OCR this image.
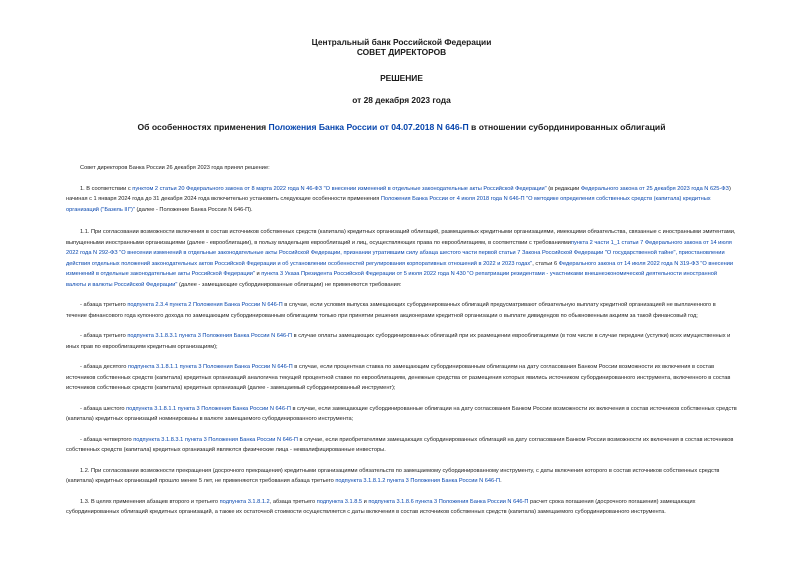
Центральный банк Российской Федерации
СОВЕТ ДИРЕКТОРОВ
РЕШЕНИЕ
от 28 декабря 2023 года
Об особенностях применения Положения Банка России от 04.07.2018 N 646-П в отношении субординированных облигаций

Совет директоров Банка России 26 декабря 2023 года принял решение:

1. В соответствии с пунктом 2 статьи 20 Федерального закона от 8 марта 2022 года N 46-ФЗ "О внесении изменений в отдельные законодательные акты Российской Федерации" (в редакции Федерального закона от 25 декабря 2023 года N 625-ФЗ) начиная с 1 января 2024 года до 31 декабря 2024 года включительно установить следующие особенности применения Положения Банка России от 4 июля 2018 года N 646-П "О методике определения собственных средств (капитала) кредитных организаций ("Базель III")" (далее - Положение Банка России N 646-П).

1.1. При согласовании возможности включения в состав источников собственных средств (капитала) кредитных организаций облигаций, размещаемых кредитными организациями, имеющими обязательства, связанные с иностранными эмитентами, выпущенными иностранными организациями (далее - еврооблигации), в пользу владельцев еврооблигаций и лиц, осуществляющих права по еврооблигациям, в соответствии с требованиямипункта 2 части 1_1 статьи 7 Федерального закона от 14 июля 2022 года N 292-ФЗ "О внесении изменений в отдельные законодательные акты Российской Федерации, признании утратившим силу абзаца шестого части первой статьи 7 Закона Российской Федерации "О государственной тайне", приостановлении действия отдельных положений законодательных актов Российской Федерации и об установлении особенностей регулирования корпоративных отношений в 2022 и 2023 годах", статьи 6 Федерального закона от 14 июля 2022 года N 319-ФЗ "О внесении изменений в отдельные законодательные акты Российской Федерации" и пункта 3 Указа Президента Российской Федерации от 5 июля 2022 года N 430 "О репатриации резидентами - участниками внешнеэкономической деятельности иностранной валюты и валюты Российской Федерации" (далее - замещающие субординированные облигации) не применяются требования:

- абзаца третьего подпункта 2.3.4 пункта 2 Положения Банка России N 646-П в случае, если условия выпуска замещающих субординированных облигаций предусматривают обязательную выплату кредитной организацией не выплаченного в течение финансового года купонного дохода по замещающим субординированным облигациям только при принятии решения акционерами кредитной организации о выплате дивидендов по обыкновенным акциям за такой финансовый год;

- абзаца третьего подпункта 3.1.8.3.1 пункта 3 Положения Банка России N 646-П в случае оплаты замещающих субординированных облигаций при их размещении еврооблигациями (в том числе в случае передачи (уступки) всех имущественных и иных прав по еврооблигациям кредитным организациям);

- абзаца десятого подпункта 3.1.8.1.1 пункта 3 Положения Банка России N 646-П в случае, если процентная ставка по замещающим субординированным облигациям на дату согласования Банком России возможности их включения в состав источников собственных средств (капитала) кредитных организаций аналогична текущей процентной ставке по еврооблигациям, денежные средства от размещения которых явились источником субординированного инструмента, включенного в состав источников собственных средств (капитала) кредитных организаций (далее - замещаемый субординированный инструмент);

- абзаца шестого подпункта 3.1.8.1.1 пункта 3 Положения Банка России N 646-П в случае, если замещающие субординированные облигации на дату согласования Банком России возможности их включения в состав источников собственных средств (капитала) кредитных организаций номинированы в валюте замещаемого субординированного инструмента;

- абзаца четвертого подпункта 3.1.8.3.1 пункта 3 Положения Банка России N 646-П в случае, если приобретателями замещающих субординированных облигаций на дату согласования Банком России возможности их включения в состав источников собственных средств (капитала) кредитных организаций являются физические лица - неквалифицированные инвесторы.

1.2. При согласовании возможности прекращения (досрочного прекращения) кредитными организациями обязательств по замещаемому субординированному инструменту, с даты включения которого в состав источников собственных средств (капитала) кредитных организаций прошло менее 5 лет, не применяются требования абзаца третьего подпункта 3.1.8.1.2 пункта 3 Положения Банка России N 646-П.

1.3. В целях применения абзацев второго и третьего подпункта 3.1.8.1.2, абзаца третьего подпункта 3.1.8.5 и подпункта 3.1.8.6 пункта 3 Положения Банка России N 646-П расчет срока погашения (досрочного погашения) замещающих субординированных облигаций кредитных организаций, а также их остаточной стоимости осуществляется с даты включения в состав источников собственных средств (капитала) замещаемого субординированного инструмента.
